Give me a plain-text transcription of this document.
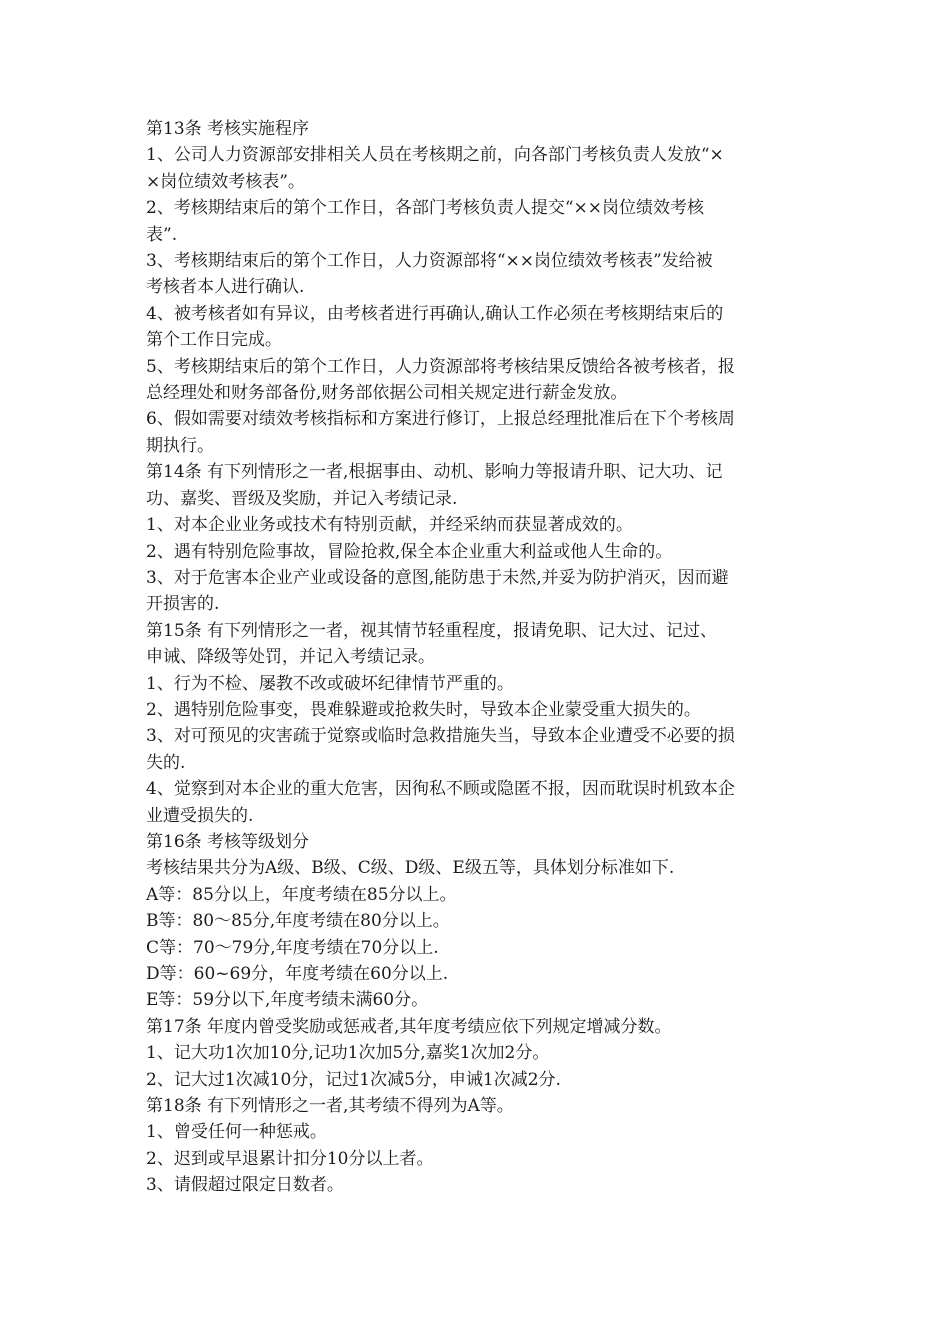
第13条 考核实施程序
1、公司人力资源部安排相关人员在考核期之前，向各部门考核负责人发放“×
×岗位绩效考核表”。
2、考核期结束后的第个工作日，各部门考核负责人提交“××岗位绩效考核
表”.
3、考核期结束后的第个工作日，人力资源部将“××岗位绩效考核表”发给被
考核者本人进行确认.
4、被考核者如有异议，由考核者进行再确认,确认工作必须在考核期结束后的
第个工作日完成。
5、考核期结束后的第个工作日，人力资源部将考核结果反馈给各被考核者，报
总经理处和财务部备份,财务部依据公司相关规定进行薪金发放。
6、假如需要对绩效考核指标和方案进行修订，上报总经理批准后在下个考核周
期执行。
第14条 有下列情形之一者,根据事由、动机、影响力等报请升职、记大功、记
功、嘉奖、晋级及奖励，并记入考绩记录.
1、对本企业业务或技术有特别贡献，并经采纳而获显著成效的。
2、遇有特别危险事故，冒险抢救,保全本企业重大利益或他人生命的。
3、对于危害本企业产业或设备的意图,能防患于未然,并妥为防护消灭，因而避
开损害的.
第15条 有下列情形之一者，视其情节轻重程度，报请免职、记大过、记过、
申诫、降级等处罚，并记入考绩记录。
1、行为不检、屡教不改或破坏纪律情节严重的。
2、遇特别危险事变，畏难躲避或抢救失时，导致本企业蒙受重大损失的。
3、对可预见的灾害疏于觉察或临时急救措施失当，导致本企业遭受不必要的损
失的.
4、觉察到对本企业的重大危害，因徇私不顾或隐匿不报，因而耽误时机致本企
业遭受损失的.
第16条 考核等级划分
考核结果共分为A级、B级、C级、D级、E级五等，具体划分标准如下.
A等：85分以上，年度考绩在85分以上。
B等：80～85分,年度考绩在80分以上。
C等：70～79分,年度考绩在70分以上.
D等：60~69分，年度考绩在60分以上.
E等：59分以下,年度考绩未满60分。
第17条 年度内曾受奖励或惩戒者,其年度考绩应依下列规定增减分数。
1、记大功1次加10分,记功1次加5分,嘉奖1次加2分。
2、记大过1次减10分，记过1次减5分，申诫1次减2分.
第18条 有下列情形之一者,其考绩不得列为A等。
1、曾受任何一种惩戒。
2、迟到或早退累计扣分10分以上者。
3、请假超过限定日数者。
